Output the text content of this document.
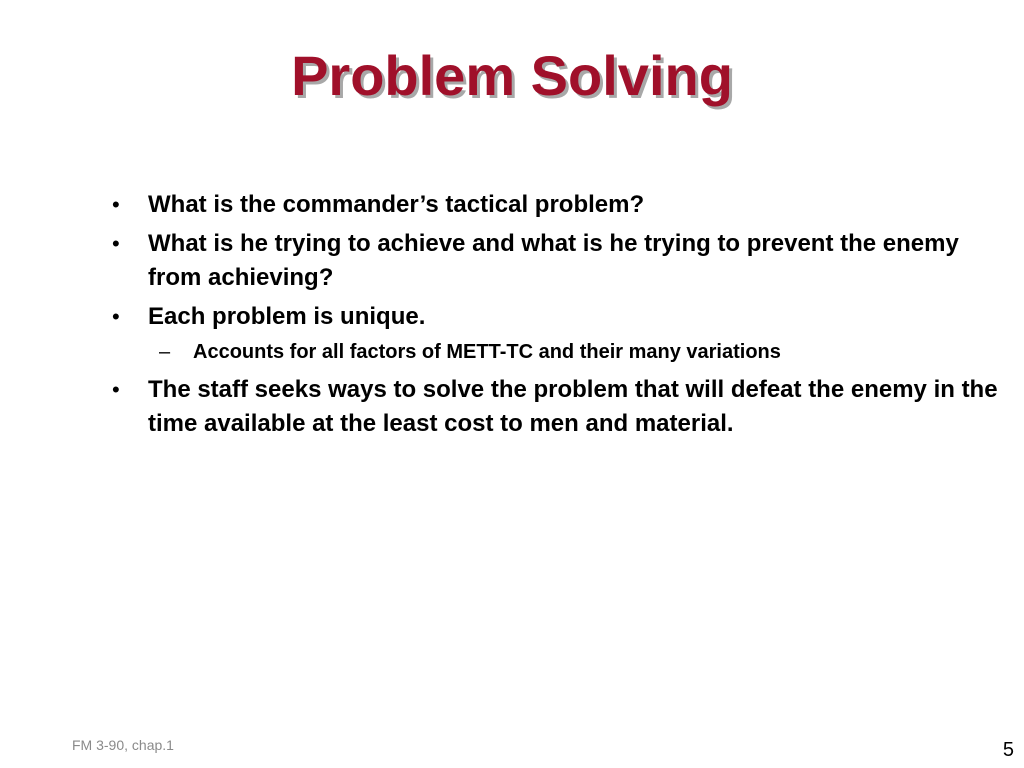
Problem Solving
• What is the commander’s tactical problem?
• What is he trying to achieve and what is he trying to prevent the enemy from achieving?
• Each problem is unique.
– Accounts for all factors of METT-TC and their many variations
• The staff seeks ways to solve the problem that will defeat the enemy in the time available at the least cost to men and material.
FM 3-90, chap.1	5
